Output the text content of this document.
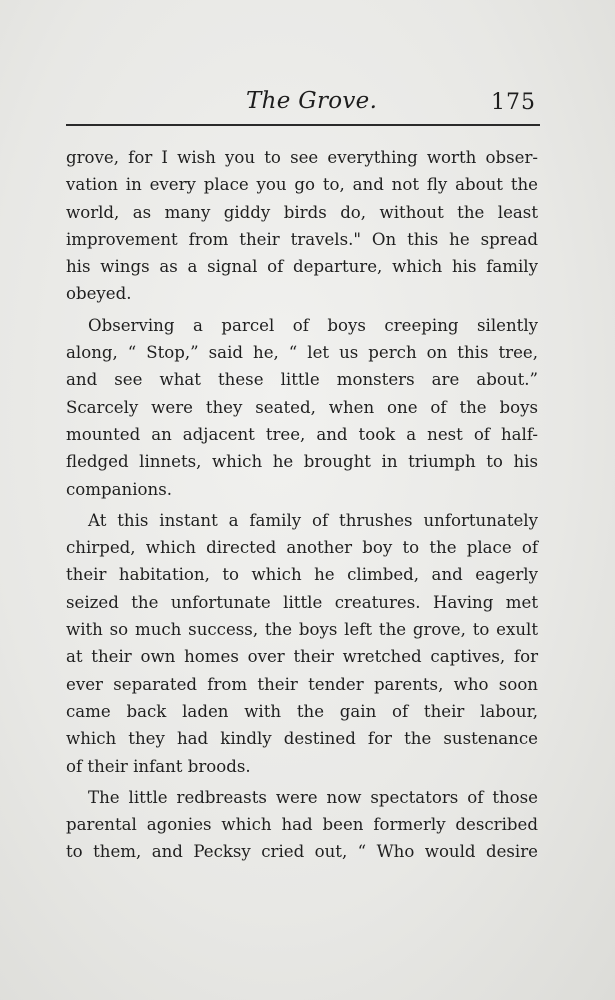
The Grove.	175
grove, for I wish you to see everything worth obser-
vation in every place you go to, and not fly about the
world, as many giddy birds do, without the least
improvement from their travels." On this he spread
his wings as a signal of departure, which his family
obeyed.
Observing a parcel of boys creeping silently
along, “ Stop,” said he, “ let us perch on this tree,
and see what these little monsters are about.”
Scarcely were they seated, when one of the boys
mounted an adjacent tree, and took a nest of half-
fledged linnets, which he brought in triumph to his
companions.
At this instant a family of thrushes unfortunately
chirped, which directed another boy to the place of
their habitation, to which he climbed, and eagerly
seized the unfortunate little creatures. Having met
with so much success, the boys left the grove, to exult
at their own homes over their wretched captives, for
ever separated from their tender parents, who soon
came back laden with the gain of their labour,
which they had kindly destined for the sustenance
of their infant broods.
The little redbreasts were now spectators of those
parental agonies which had been formerly described
to them, and Pecksy cried out, “ Who would desire
